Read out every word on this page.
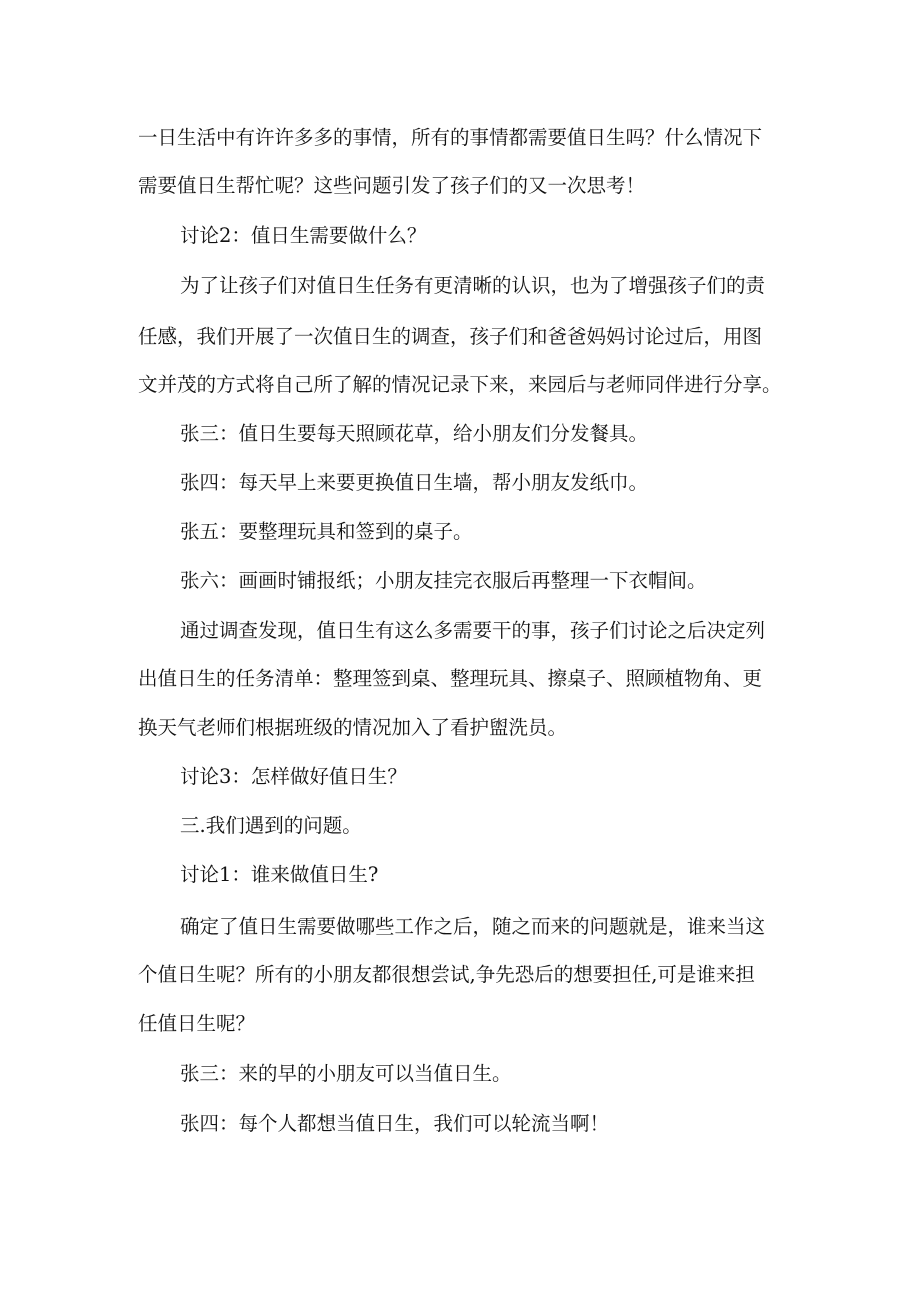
一日生活中有许许多多的事情，所有的事情都需要值日生吗？什么情况下

需要值日生帮忙呢？这些问题引发了孩子们的又一次思考！

讨论2：值日生需要做什么？

为了让孩子们对值日生任务有更清晰的认识，也为了增强孩子们的责

任感，我们开展了一次值日生的调查，孩子们和爸爸妈妈讨论过后，用图

文并茂的方式将自己所了解的情况记录下来，来园后与老师同伴进行分享。

张三：值日生要每天照顾花草，给小朋友们分发餐具。

张四：每天早上来要更换值日生墙，帮小朋友发纸巾。

张五：要整理玩具和签到的桌子。

张六：画画时铺报纸；小朋友挂完衣服后再整理一下衣帽间。

通过调查发现，值日生有这么多需要干的事，孩子们讨论之后决定列

出值日生的任务清单：整理签到桌、整理玩具、擦桌子、照顾植物角、更

换天气老师们根据班级的情况加入了看护盥洗员。

讨论3：怎样做好值日生？

三.我们遇到的问题。

讨论1：谁来做值日生?

确定了值日生需要做哪些工作之后，随之而来的问题就是，谁来当这

个值日生呢？所有的小朋友都很想尝试,争先恐后的想要担任,可是谁来担

任值日生呢？

张三：来的早的小朋友可以当值日生。

张四：每个人都想当值日生，我们可以轮流当啊！
